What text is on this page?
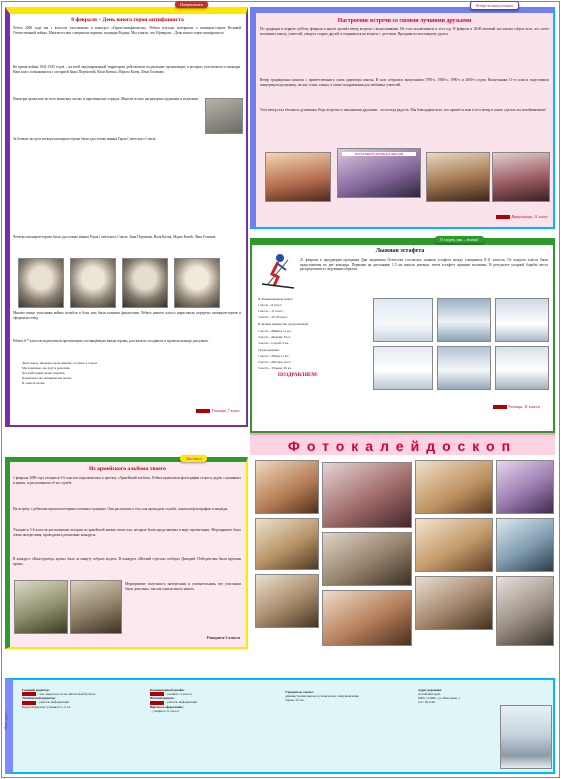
Патриотизм
8 февраля – День юного героя-антифашиста
Летом 2006 года мы с классом участвовали в конкурсе «Герои-антифашисты». Ребята изучали материалы о пионерах-героях Великой Отечественной войны. Многие из них совершали подвиги, защищая Родину. Мы узнали, что 8 февраля – День юного героя-антифашиста.
Во время войны 1941-1945 годов – на всей оккупированной территории действовали подпольные организации, в которых участвовали и пионеры. Наш класс познакомился с историей Зины Портновой, Вали Котика, Марата Казея, Лёни Голикова.
Пионеры сражались во всех воинских частях и партизанских отрядах. Многие из них награждены орденами и медалями.
За боевые заслуги четверо пионеров-героев были удостоены звания Героя Советского Союза.
Четверо пионеров-героев были удостоены звания Героя Советского Союза: Зина Портнова, Валя Котик, Марат Казей, Лёня Голиков.
Многие юные участники войны погибли в боях или были казнены фашистами. Ребята нашего класса нарисовали портреты пионеров-героев и оформили стенд.
Ребята 6-7 классов подготовили презентацию, посвящённую юным героям, рассказали о подвигах и провели конкурс рисунков.
Знает народ, пионеры-герои навечно остались в строю!
Мы и жизнью, мы друг и ровесник,
Детский подвиг вечно помнить,
Подвиги их мы запомним как песню
И сами её споём.
Ученица, 7 класс
Встреча выпускников
Настроение встречи со своими лучшими друзьями
По традиции в первую субботу февраля в школе прошёл вечер встречи с выпускниками. Не стал исключением и этот год. В феврале в 18:00 актовый зал школы собрал всех, кто хочет вспомнить школу, учителей, увидеть старых друзей и отправиться на встречу с детством. Праздник по-настоящему удался.
Вечер традиционно начался с приветственного слова директора школы. В зале собрались выпускники 1970-х, 1980-х, 1990-х и 2000-х годов. Выпускники 11-го класса подготовили концертную программу, песни, стихи, танцы, а также поздравления для любимых учителей.
Этот вечер стал тёплым и душевным. Ведь встречи со школьными друзьями – это всегда радость. Мы благодарим всех, кто пришёл к нам в этот вечер и помог сделать его незабываемым!
ВСЕМ ВЫПУСКНИКАМ ШКОЛЫ
Выпускница, 11 класс
О спорт, ты – жизнь!
Лыжная эстафета
21 февраля в преддверии праздника Дня защитника Отечества состоялась лыжная эстафета между учащимися 8-11 классов. От каждого класса были представлены по две команды. Первыми на дистанцию 1,5 км вышли девочки, затем эстафету приняли мальчики. В результате упорной борьбы места распределились следующим образом.
В общекомандном зачёте:
1 место—8 класс;
2 место—11 класс;
3 место—10, 9б класс.
В личном первенстве среди юношей:
1 место—Никита, 11 кл.;
2 место—Максим, 8 кл.;
3 место—Сергей, 9 кл.
Среди девушек:
1 место—Юлия, 11 кл.;
2 место—Наталья, 9 кл.;
3 место—Татьяна, 9б кл.
ПОЗДРАВЛЯЕМ!
Ученица, 11 класса
Фотокалейдоскоп
Это было
Из армейского альбома твоего
1 февраля 2009 года учащиеся 5-6 классов подключились к проекту «Армейский альбом». Ребята приносили фотографии отцов и дедов, служивших в армии, и рассказывали об их службе.
На встречу с ребятами пришли ветераны и военнослужащие. Они рассказали о том, как проходила служба, показали фотографии и награды.
Учащиеся 5-6 классов рассказывали истории из армейской жизни своих пап, которые были представлены в виде презентации. Мероприятие было очень интересным, проводились различные конкурсы.
В конкурсе «Конструктор» нужно было за минуту собрать модель. В конкурсе «Меткий стрелок» победил Дмитрий. Победителям были вручены призы.
Мероприятие получилось интересным и увлекательным, все участники были довольны, так как узнали много нового.
Учащиеся 5 класса
Наш адрес:
Главный редактор:
– зам. директора по воспитательной работе
Технический редактор:
– учитель информатики
Корреспонденты: учащиеся 5-11 кл.
Компьютерный дизайн:
– ученица 11 класса
Фотоматериалы:
– учитель информатики
Вёрстка и оформление:
– учащиеся 11 класса
Учредитель газеты:
администрация школы и ученическое самоуправление
Тираж: 50 экз.
Адрес редакции:
Алтайский край,
МОУ «СОШ», ул. Школьная, 1
тел.: 00-0-00
